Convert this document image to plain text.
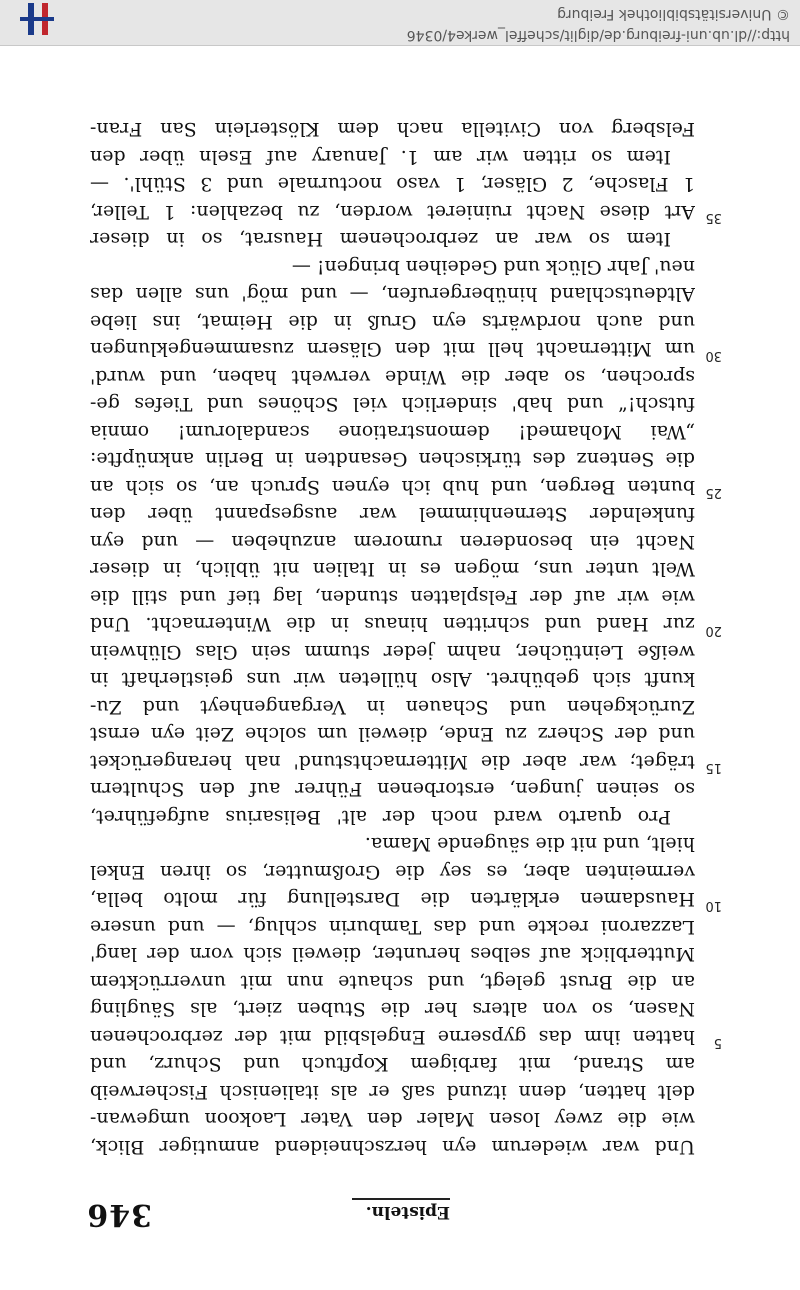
346	Episteln.
Und war wiederum eyn herzschneidend anmutiger Blick,
wie die zwey losen Maler den Vater Laokoon umgewan-
delt hatten, denn itzund saß er als italienisch Fischerweib
am Strand, mit farbigem Kopftuch und Schurz, und
hatten ihm das gypserne Engelsbild mit der zerbrochenen
Nasen, so von alters her die Stuben ziert, als Säugling
an die Brust gelegt, und schaute nun mit unverrücktem
Mutterblick auf selbes herunter, dieweil sich vorn der lang'
Lazzaroni reckte und das Tamburin schlug, — und unsere
Hausdamen erklärten die Darstellung für molto bella,
vermeinten aber, es sey die Großmutter, so ihren Enkel
hielt, und nit die säugende Mama.
Pro quarto ward noch der alt' Belisarius aufgeführet,
so seinen jungen, erstorbenen Führer auf den Schultern
träget; war aber die Mitternachtstund' nah herangerücket
und der Scherz zu Ende, dieweil um solche Zeit eyn ernst
Zurückgehen und Schauen in Vergangenheyt und Zu-
kunft sich gebühret. Also hülleten wir uns geistlerhaft in
weiße Leintücher, nahm jeder stumm sein Glas Glühwein
zur Hand und schritten hinaus in die Winternacht. Und
wie wir auf der Felsplatten stunden, lag tief und still die
Welt unter uns, mögen es in Italien nit üblich, in dieser
Nacht ein besonderen rumorem anzuheben — und eyn
funkelnder Sternenhimmel war ausgespannt über den
bunten Bergen, und hub ich eynen Spruch an, so sich an
die Sentenz des türkischen Gesandten in Berlin anknüpfte:
„Wai Mohamed! demonstratione scandalorum! omnia
futsch!“ und hab' sinderlich viel Schönes und Tiefes ge-
sprochen, so aber die Winde verweht haben, und wurd'
um Mitternacht hell mit den Gläsern zusammengeklungen
und auch nordwärts eyn Gruß in die Heimat, ins liebe
Altdeutschland hinübergerufen, — und mög' uns allen das
neu' Jahr Glück und Gedeihen bringen! —
Item so war an zerbrochenem Hausrat, so in dieser
Art diese Nacht ruinieret worden, zu bezahlen: 1 Teller,
1 Flasche, 2 Gläser, 1 vaso nocturnale und 3 Stühl'. —
Item so ritten wir am 1. January auf Eseln über den
Felsberg von Civitella nach dem Klösterlein San Fran-
5
10
15
20
25
30
35
http://dl.ub.uni-freiburg.de/diglit/scheffel_werke4/0346
© Universitätsbibliothek Freiburg
